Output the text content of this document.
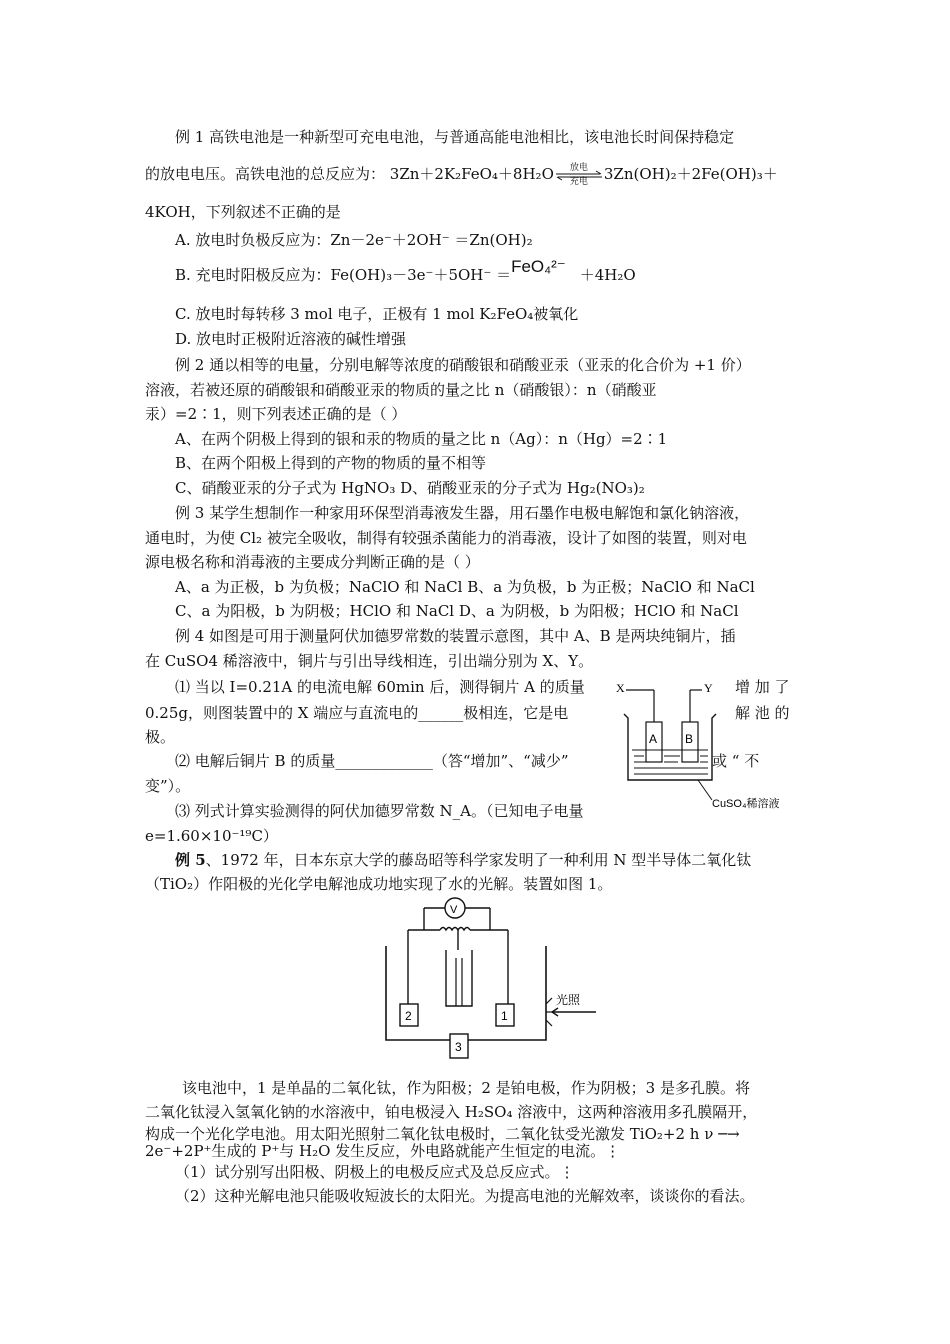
例 1 高铁电池是一种新型可充电电池，与普通高能电池相比，该电池长时间保持稳定
的放电电压。高铁电池的总反应为： 3Zn＋2K₂FeO₄＋8H₂O	放电
充电	3Zn(OH)₂＋2Fe(OH)₃＋
4KOH，下列叙述不正确的是
A. 放电时负极反应为：Zn－2e⁻＋2OH⁻ ＝Zn(OH)₂
B. 充电时阳极反应为：Fe(OH)₃－3e⁻＋5OH⁻ ＝FeO₄²⁻ ＋4H₂O
C. 放电时每转移 3 mol 电子，正极有 1 mol K₂FeO₄被氧化
D. 放电时正极附近溶液的碱性增强
例 2 通以相等的电量，分别电解等浓度的硝酸银和硝酸亚汞（亚汞的化合价为 +1 价）
溶液，若被还原的硝酸银和硝酸亚汞的物质的量之比 n（硝酸银）：n（硝酸亚
汞）=2∶1，则下列表述正确的是（ ）
A、在两个阴极上得到的银和汞的物质的量之比 n（Ag）：n（Hg）=2∶1
B、在两个阳极上得到的产物的物质的量不相等
C、硝酸亚汞的分子式为 HgNO₃ D、硝酸亚汞的分子式为 Hg₂(NO₃)₂
例 3 某学生想制作一种家用环保型消毒液发生器，用石墨作电极电解饱和氯化钠溶液，
通电时，为使 Cl₂ 被完全吸收，制得有较强杀菌能力的消毒液，设计了如图的装置，则对电
源电极名称和消毒液的主要成分判断正确的是（ ）
A、a 为正极，b 为负极；NaClO 和 NaCl B、a 为负极，b 为正极；NaClO 和 NaCl
C、a 为阳极，b 为阴极；HClO 和 NaCl D、a 为阴极，b 为阳极；HClO 和 NaCl
例 4 如图是可用于测量阿伏加德罗常数的装置示意图，其中 A、B 是两块纯铜片，插
在 CuSO4 稀溶液中，铜片与引出导线相连，引出端分别为 X、Y。
⑴ 当以 I=0.21A 的电流电解 60min 后，测得铜片 A 的质量	增 加 了
0.25g，则图装置中的 X 端应与直流电的______极相连，它是电	解 池 的
极。
⑵ 电解后铜片 B 的质量_____________（答“增加”、“减少”	或 “ 不
变”）。
⑶ 列式计算实验测得的阿伏加德罗常数 N_A。（已知电子电量
e=1.60×10⁻¹⁹C）
X	Y
A B
CuSO₄稀溶液
例 5、1972 年，日本东京大学的藤岛昭等科学家发明了一种利用 N 型半导体二氧化钛
（TiO₂）作阳极的光化学电解池成功地实现了水的光解。装置如图 1。
V
2	1
3
光照
该电池中，1 是单晶的二氧化钛，作为阳极；2 是铂电极，作为阴极；3 是多孔膜。将
二氧化钛浸入氢氧化钠的水溶液中，铂电极浸入 H₂SO₄ 溶液中，这两种溶液用多孔膜隔开，
构成一个光化学电池。用太阳光照射二氧化钛电极时，二氧化钛受光激发 TiO₂+2 h ν ─→
2e⁻+2P⁺生成的 P⁺与 H₂O 发生反应，外电路就能产生恒定的电流。⋮
（1）试分别写出阳极、阴极上的电极反应式及总反应式。⋮
（2）这种光解电池只能吸收短波长的太阳光。为提高电池的光解效率，谈谈你的看法。
